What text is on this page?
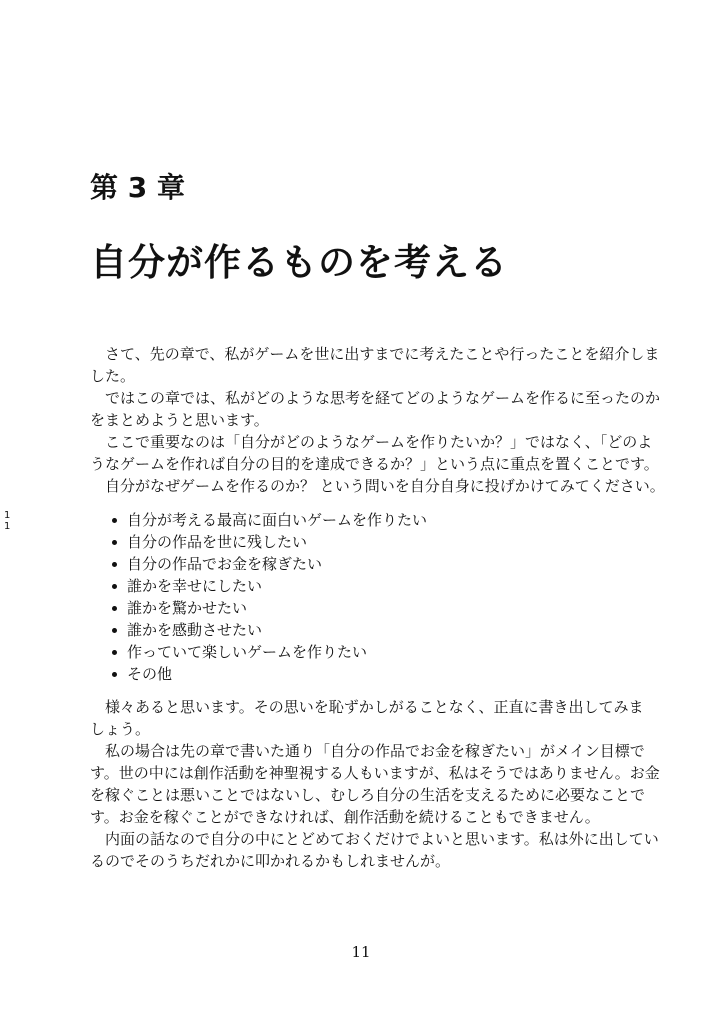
第 3 章
自分が作るものを考える
さて、先の章で、私がゲームを世に出すまでに考えたことや行ったことを紹介しま
した。
ではこの章では、私がどのような思考を経てどのようなゲームを作るに至ったのか
をまとめようと思います。
ここで重要なのは「自分がどのようなゲームを作りたいか？」ではなく、「どのよ
うなゲームを作れば自分の目的を達成できるか？」という点に重点を置くことです。
自分がなぜゲームを作るのか？ という問いを自分自身に投げかけてみてください。
1
1	自分が考える最高に面白いゲームを作りたい
自分の作品を世に残したい
自分の作品でお金を稼ぎたい
誰かを幸せにしたい
誰かを驚かせたい
誰かを感動させたい
作っていて楽しいゲームを作りたい
その他
様々あると思います。その思いを恥ずかしがることなく、正直に書き出してみま
しょう。
私の場合は先の章で書いた通り「自分の作品でお金を稼ぎたい」がメイン目標で
す。世の中には創作活動を神聖視する人もいますが、私はそうではありません。お金
を稼ぐことは悪いことではないし、むしろ自分の生活を支えるために必要なことで
す。お金を稼ぐことができなければ、創作活動を続けることもできません。
内面の話なので自分の中にとどめておくだけでよいと思います。私は外に出してい
るのでそのうちだれかに叩かれるかもしれませんが。
11
